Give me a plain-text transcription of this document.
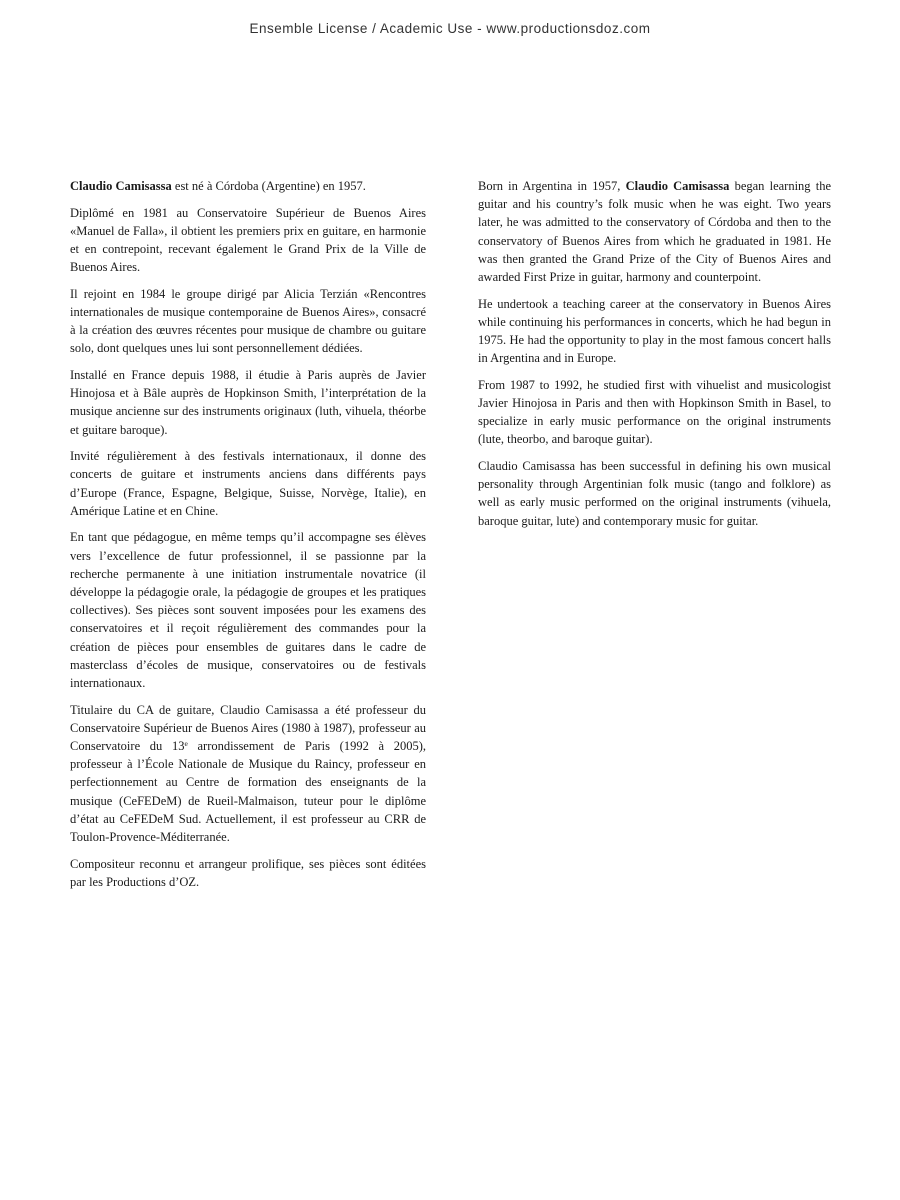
Ensemble License / Academic Use - www.productionsdoz.com

Claudio Camisassa est né à Córdoba (Argentine) en 1957.

Diplômé en 1981 au Conservatoire Supérieur de Buenos Aires «Manuel de Falla», il obtient les premiers prix en guitare, en harmonie et en contrepoint, recevant également le Grand Prix de la Ville de Buenos Aires.

Il rejoint en 1984 le groupe dirigé par Alicia Terzián «Rencontres internationales de musique contemporaine de Buenos Aires», consacré à la création des œuvres récentes pour musique de chambre ou guitare solo, dont quelques unes lui sont personnellement dédiées.

Installé en France depuis 1988, il étudie à Paris auprès de Javier Hinojosa et à Bâle auprès de Hopkinson Smith, l’interprétation de la musique ancienne sur des instruments originaux (luth, vihuela, théorbe et guitare baroque).

Invité régulièrement à des festivals internationaux, il donne des concerts de guitare et instruments anciens dans différents pays d’Europe (France, Espagne, Belgique, Suisse, Norvège, Italie), en Amérique Latine et en Chine.

En tant que pédagogue, en même temps qu’il accompagne ses élèves vers l’excellence de futur professionnel, il se passionne par la recherche permanente à une initiation instrumentale novatrice (il développe la pédagogie orale, la pédagogie de groupes et les pratiques collectives). Ses pièces sont souvent imposées pour les examens des conservatoires et il reçoit régulièrement des commandes pour la création de pièces pour ensembles de guitares dans le cadre de masterclass d’écoles de musique, conservatoires ou de festivals internationaux.

Titulaire du CA de guitare, Claudio Camisassa a été professeur du Conservatoire Supérieur de Buenos Aires (1980 à 1987), professeur au Conservatoire du 13e arrondissement de Paris (1992 à 2005), professeur à l’École Nationale de Musique du Raincy, professeur en perfectionnement au Centre de formation des enseignants de la musique (CeFEDeM) de Rueil-Malmaison, tuteur pour le diplôme d’état au CeFEDeM Sud. Actuellement, il est professeur au CRR de Toulon-Provence-Méditerranée.

Compositeur reconnu et arrangeur prolifique, ses pièces sont éditées par les Productions d’OZ.

Born in Argentina in 1957, Claudio Camisassa began learning the guitar and his country’s folk music when he was eight. Two years later, he was admitted to the conservatory of Córdoba and then to the conservatory of Buenos Aires from which he graduated in 1981. He was then granted the Grand Prize of the City of Buenos Aires and awarded First Prize in guitar, harmony and counterpoint.

He undertook a teaching career at the conservatory in Buenos Aires while continuing his performances in concerts, which he had begun in 1975. He had the opportunity to play in the most famous concert halls in Argentina and in Europe.

From 1987 to 1992, he studied first with vihuelist and musicologist Javier Hinojosa in Paris and then with Hopkinson Smith in Basel, to specialize in early music performance on the original instruments (lute, theorbo, and baroque guitar).

Claudio Camisassa has been successful in defining his own musical personality through Argentinian folk music (tango and folklore) as well as early music performed on the original instruments (vihuela, baroque guitar, lute) and contemporary music for guitar.
